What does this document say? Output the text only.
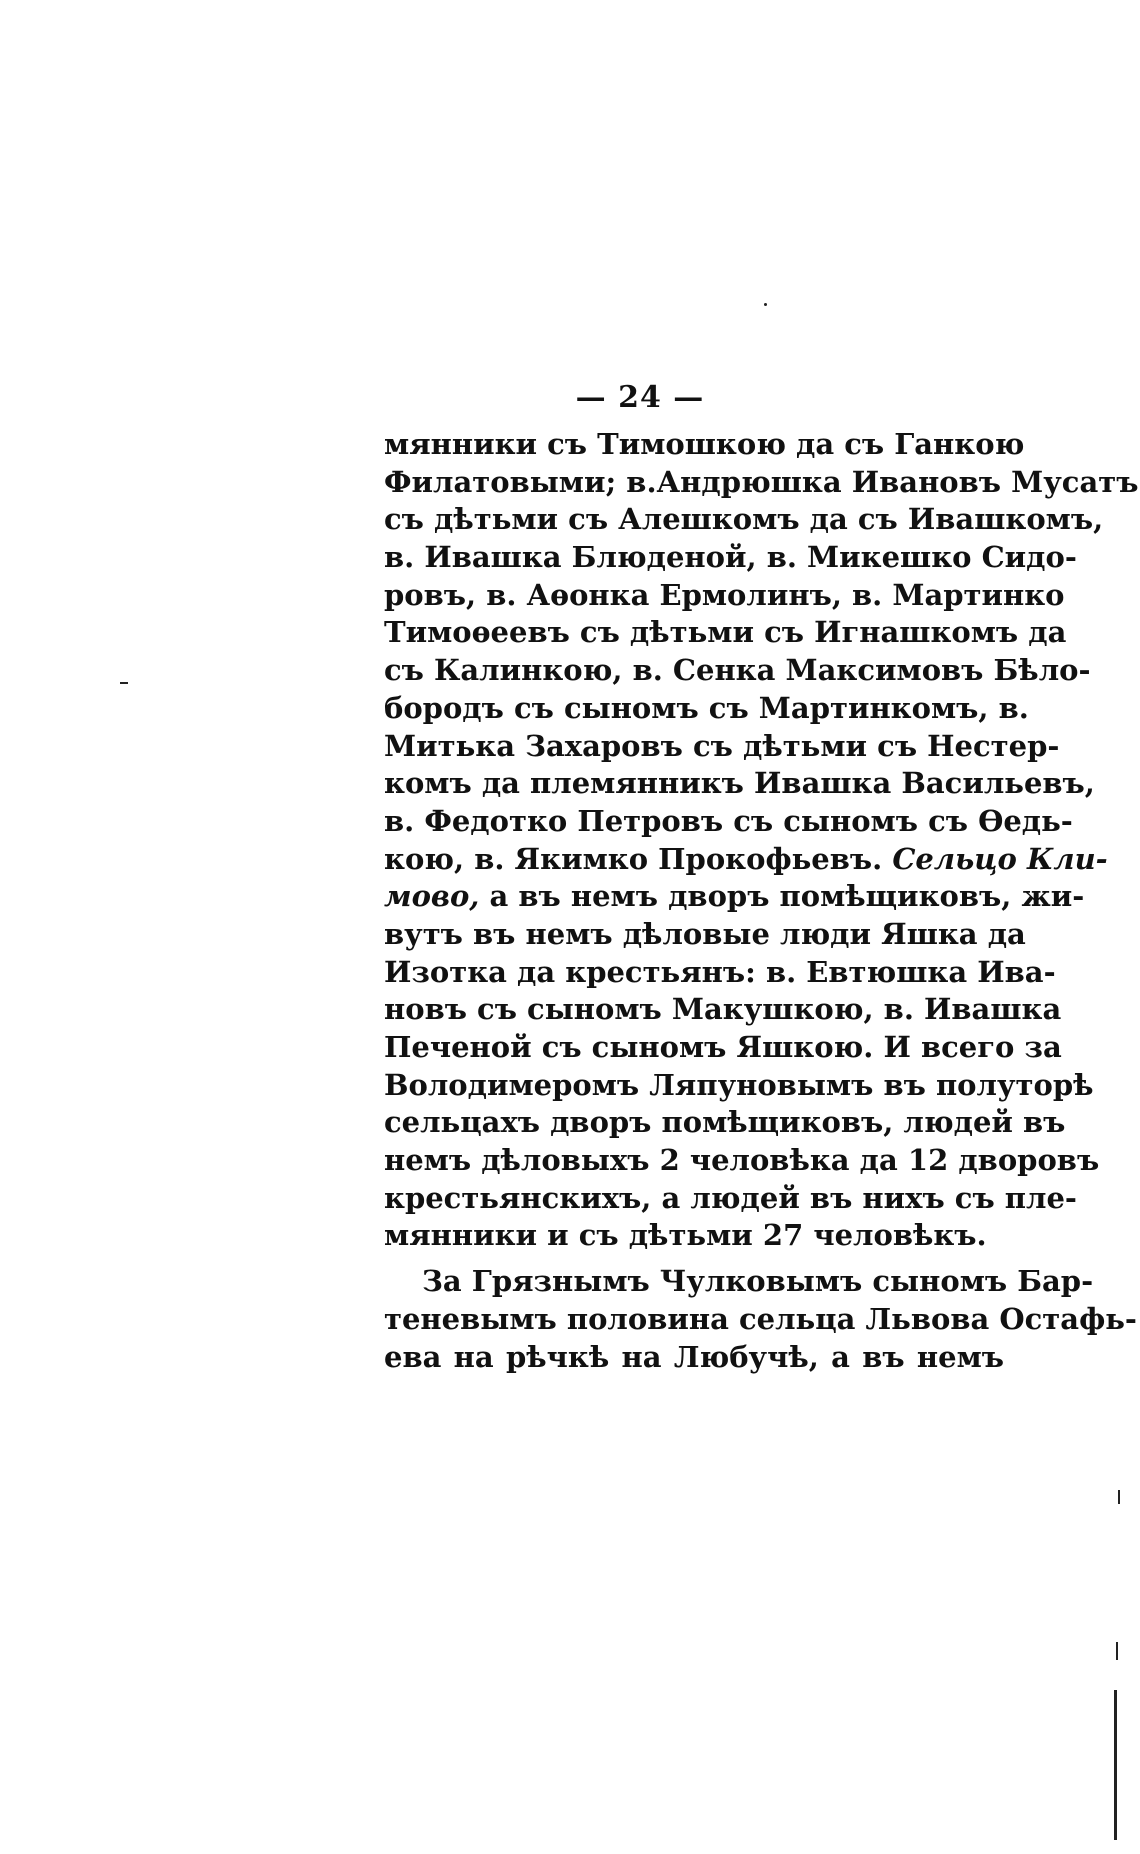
— 24 —
мянники съ Тимошкою да съ Ганкою
Филатовыми; в.Андрюшка Ивановъ Мусатъ
съ дѣтьми съ Алешкомъ да съ Ивашкомъ,
в. Ивашка Блюденой, в. Микешко Сидо-
ровъ, в. Аѳонка Ермолинъ, в. Мартинко
Тимоѳеевъ съ дѣтьми съ Игнашкомъ да
съ Калинкою, в. Сенка Максимовъ Бѣло-
бородъ съ сыномъ съ Мартинкомъ, в.
Митька Захаровъ съ дѣтьми съ Нестер-
комъ да племянникъ Ивашка Васильевъ,
в. Федотко Петровъ съ сыномъ съ Ѳедь-
кою, в. Якимко Прокофьевъ. Сельцо Кли-
мово, а въ немъ дворъ помѣщиковъ, жи-
вутъ въ немъ дѣловые люди Яшка да
Изотка да крестьянъ: в. Евтюшка Ива-
новъ съ сыномъ Макушкою, в. Ивашка
Печеной съ сыномъ Яшкою. И всего за
Володимеромъ Ляпуновымъ въ полуторѣ
сельцахъ дворъ помѣщиковъ, людей въ
немъ дѣловыхъ 2 человѣка да 12 дворовъ
крестьянскихъ, а людей въ нихъ съ пле-
мянники и съ дѣтьми 27 человѣкъ.
За Грязнымъ Чулковымъ сыномъ Бар-
теневымъ половина сельца Львова Остафь-
ева на рѣчкѣ на Любучѣ, а въ немъ
